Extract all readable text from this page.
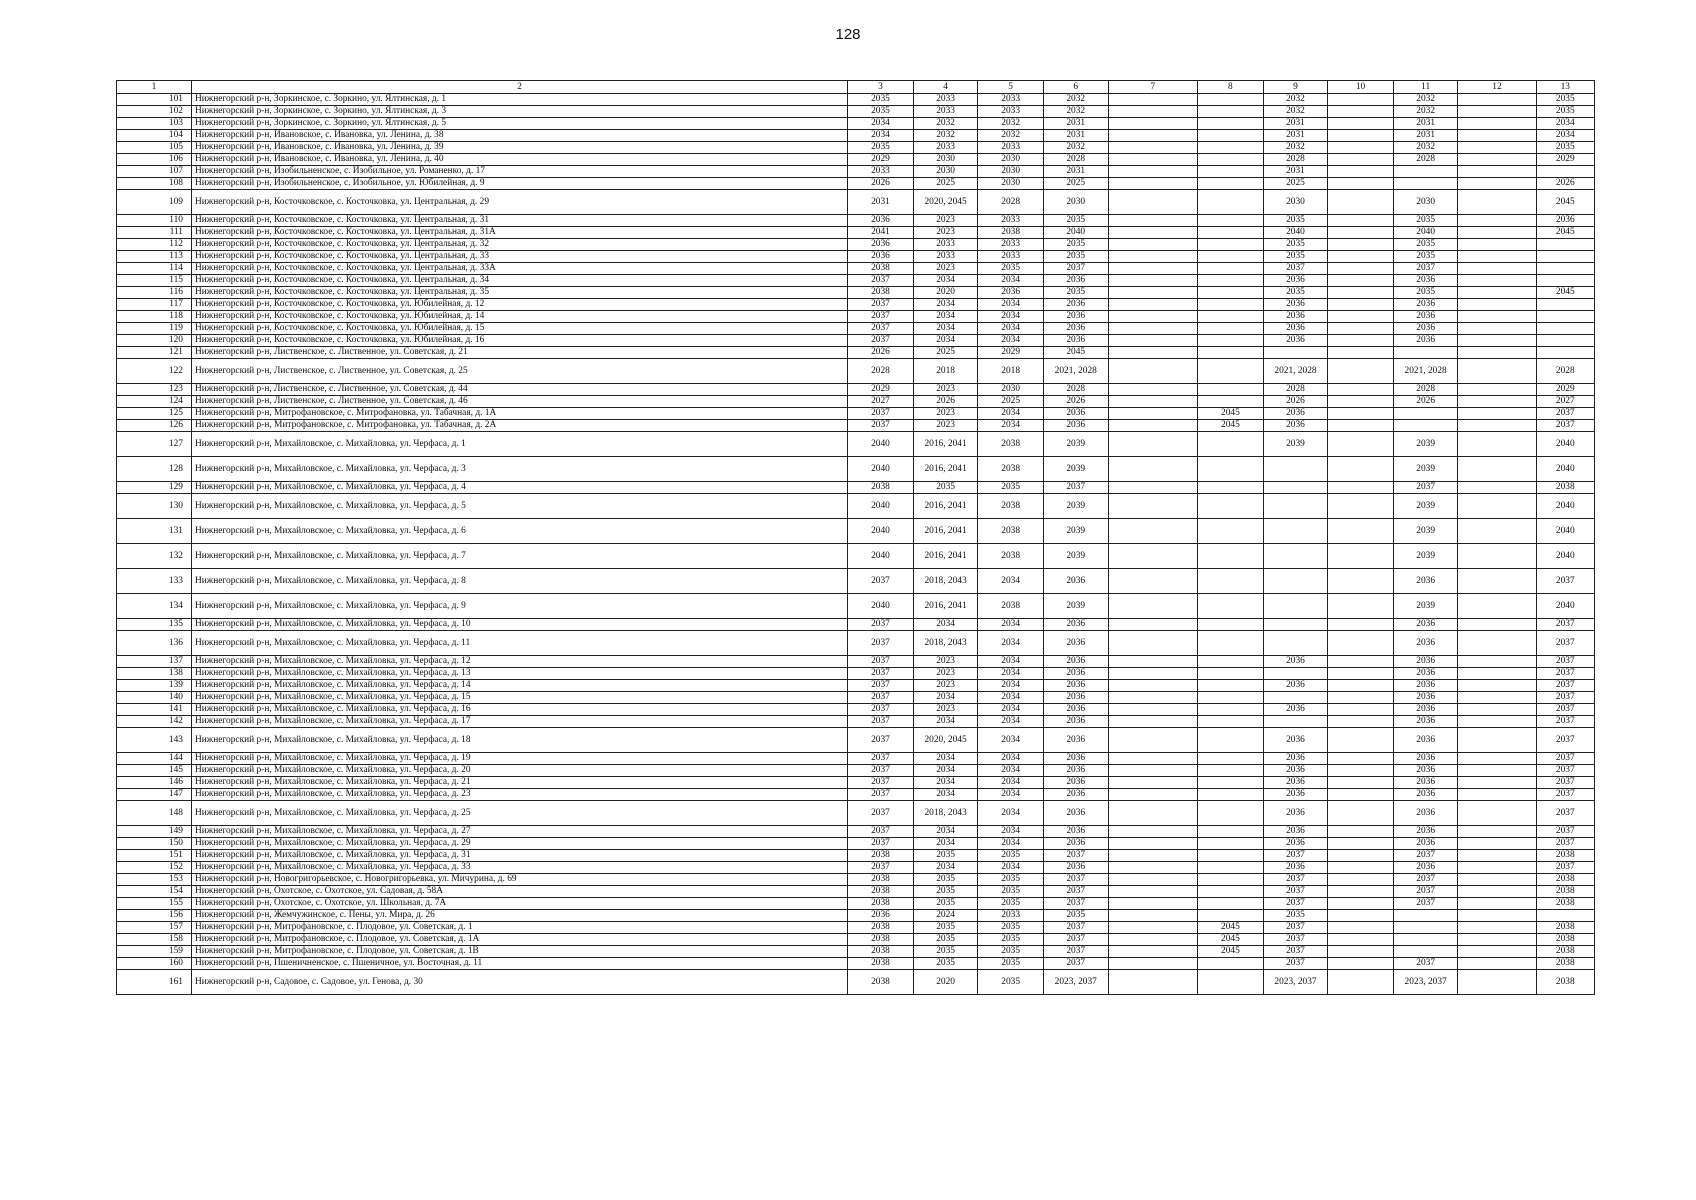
128
1	2	3	4	5	6	7	8	9	10	11	12	13
101	Нижнегорский р-н, Зоркинское, с. Зоркино, ул. Ялтинская, д. 1	2035	2033	2033	2032			2032		2032		2035
102	Нижнегорский р-н, Зоркинское, с. Зоркино, ул. Ялтинская, д. 3	2035	2033	2033	2032			2032		2032		2035
103	Нижнегорский р-н, Зоркинское, с. Зоркино, ул. Ялтинская, д. 5	2034	2032	2032	2031			2031		2031		2034
104	Нижнегорский р-н, Ивановское, с. Ивановка, ул. Ленина, д. 38	2034	2032	2032	2031			2031		2031		2034
105	Нижнегорский р-н, Ивановское, с. Ивановка, ул. Ленина, д. 39	2035	2033	2033	2032			2032		2032		2035
106	Нижнегорский р-н, Ивановское, с. Ивановка, ул. Ленина, д. 40	2029	2030	2030	2028			2028		2028		2029
107	Нижнегорский р-н, Изобильненское, с. Изобильное, ул. Романенко, д. 17	2033	2030	2030	2031			2031				
108	Нижнегорский р-н, Изобильненское, с. Изобильное, ул. Юбилейная, д. 9	2026	2025	2030	2025			2025				2026
109	Нижнегорский р-н, Косточковское, с. Косточковка, ул. Центральная, д. 29	2031	2020, 2045	2028	2030			2030		2030		2045
110	Нижнегорский р-н, Косточковское, с. Косточковка, ул. Центральная, д. 31	2036	2023	2033	2035			2035		2035		2036
111	Нижнегорский р-н, Косточковское, с. Косточковка, ул. Центральная, д. 31А	2041	2023	2038	2040			2040		2040		2045
112	Нижнегорский р-н, Косточковское, с. Косточковка, ул. Центральная, д. 32	2036	2033	2033	2035			2035		2035		
113	Нижнегорский р-н, Косточковское, с. Косточковка, ул. Центральная, д. 33	2036	2033	2033	2035			2035		2035		
114	Нижнегорский р-н, Косточковское, с. Косточковка, ул. Центральная, д. 33А	2038	2023	2035	2037			2037		2037		
115	Нижнегорский р-н, Косточковское, с. Косточковка, ул. Центральная, д. 34	2037	2034	2034	2036			2036		2036		
116	Нижнегорский р-н, Косточковское, с. Косточковка, ул. Центральная, д. 35	2038	2020	2036	2035			2035		2035		2045
117	Нижнегорский р-н, Косточковское, с. Косточковка, ул. Юбилейная, д. 12	2037	2034	2034	2036			2036		2036		
118	Нижнегорский р-н, Косточковское, с. Косточковка, ул. Юбилейная, д. 14	2037	2034	2034	2036			2036		2036		
119	Нижнегорский р-н, Косточковское, с. Косточковка, ул. Юбилейная, д. 15	2037	2034	2034	2036			2036		2036		
120	Нижнегорский р-н, Косточковское, с. Косточковка, ул. Юбилейная, д. 16	2037	2034	2034	2036			2036		2036		
121	Нижнегорский р-н, Лиственское, с. Лиственное, ул. Советская, д. 21	2026	2025	2029	2045							
122	Нижнегорский р-н, Лиственское, с. Лиственное, ул. Советская, д. 25	2028	2018	2018	2021, 2028			2021, 2028		2021, 2028		2028
123	Нижнегорский р-н, Лиственское, с. Лиственное, ул. Советская, д. 44	2029	2023	2030	2028			2028		2028		2029
124	Нижнегорский р-н, Лиственское, с. Лиственное, ул. Советская, д. 46	2027	2026	2025	2026			2026		2026		2027
125	Нижнегорский р-н, Митрофановское, с. Митрофановка, ул. Табачная, д. 1А	2037	2023	2034	2036		2045	2036				2037
126	Нижнегорский р-н, Митрофановское, с. Митрофановка, ул. Табачная, д. 2А	2037	2023	2034	2036		2045	2036				2037
127	Нижнегорский р-н, Михайловское, с. Михайловка, ул. Черфаса, д. 1	2040	2016, 2041	2038	2039			2039		2039		2040
128	Нижнегорский р-н, Михайловское, с. Михайловка, ул. Черфаса, д. 3	2040	2016, 2041	2038	2039					2039		2040
129	Нижнегорский р-н, Михайловское, с. Михайловка, ул. Черфаса, д. 4	2038	2035	2035	2037					2037		2038
130	Нижнегорский р-н, Михайловское, с. Михайловка, ул. Черфаса, д. 5	2040	2016, 2041	2038	2039					2039		2040
131	Нижнегорский р-н, Михайловское, с. Михайловка, ул. Черфаса, д. 6	2040	2016, 2041	2038	2039					2039		2040
132	Нижнегорский р-н, Михайловское, с. Михайловка, ул. Черфаса, д. 7	2040	2016, 2041	2038	2039					2039		2040
133	Нижнегорский р-н, Михайловское, с. Михайловка, ул. Черфаса, д. 8	2037	2018, 2043	2034	2036					2036		2037
134	Нижнегорский р-н, Михайловское, с. Михайловка, ул. Черфаса, д. 9	2040	2016, 2041	2038	2039					2039		2040
135	Нижнегорский р-н, Михайловское, с. Михайловка, ул. Черфаса, д. 10	2037	2034	2034	2036					2036		2037
136	Нижнегорский р-н, Михайловское, с. Михайловка, ул. Черфаса, д. 11	2037	2018, 2043	2034	2036					2036		2037
137	Нижнегорский р-н, Михайловское, с. Михайловка, ул. Черфаса, д. 12	2037	2023	2034	2036			2036		2036		2037
138	Нижнегорский р-н, Михайловское, с. Михайловка, ул. Черфаса, д. 13	2037	2023	2034	2036					2036		2037
139	Нижнегорский р-н, Михайловское, с. Михайловка, ул. Черфаса, д. 14	2037	2023	2034	2036			2036		2036		2037
140	Нижнегорский р-н, Михайловское, с. Михайловка, ул. Черфаса, д. 15	2037	2034	2034	2036					2036		2037
141	Нижнегорский р-н, Михайловское, с. Михайловка, ул. Черфаса, д. 16	2037	2023	2034	2036			2036		2036		2037
142	Нижнегорский р-н, Михайловское, с. Михайловка, ул. Черфаса, д. 17	2037	2034	2034	2036					2036		2037
143	Нижнегорский р-н, Михайловское, с. Михайловка, ул. Черфаса, д. 18	2037	2020, 2045	2034	2036			2036		2036		2037
144	Нижнегорский р-н, Михайловское, с. Михайловка, ул. Черфаса, д. 19	2037	2034	2034	2036			2036		2036		2037
145	Нижнегорский р-н, Михайловское, с. Михайловка, ул. Черфаса, д. 20	2037	2034	2034	2036			2036		2036		2037
146	Нижнегорский р-н, Михайловское, с. Михайловка, ул. Черфаса, д. 21	2037	2034	2034	2036			2036		2036		2037
147	Нижнегорский р-н, Михайловское, с. Михайловка, ул. Черфаса, д. 23	2037	2034	2034	2036			2036		2036		2037
148	Нижнегорский р-н, Михайловское, с. Михайловка, ул. Черфаса, д. 25	2037	2018, 2043	2034	2036			2036		2036		2037
149	Нижнегорский р-н, Михайловское, с. Михайловка, ул. Черфаса, д. 27	2037	2034	2034	2036			2036		2036		2037
150	Нижнегорский р-н, Михайловское, с. Михайловка, ул. Черфаса, д. 29	2037	2034	2034	2036			2036		2036		2037
151	Нижнегорский р-н, Михайловское, с. Михайловка, ул. Черфаса, д. 31	2038	2035	2035	2037			2037		2037		2038
152	Нижнегорский р-н, Михайловское, с. Михайловка, ул. Черфаса, д. 33	2037	2034	2034	2036			2036		2036		2037
153	Нижнегорский р-н, Новогригорьевское, с. Новогригорьевка, ул. Мичурина, д. 69	2038	2035	2035	2037			2037		2037		2038
154	Нижнегорский р-н, Охотское, с. Охотское, ул. Садовая, д. 58А	2038	2035	2035	2037			2037		2037		2038
155	Нижнегорский р-н, Охотское, с. Охотское, ул. Школьная, д. 7А	2038	2035	2035	2037			2037		2037		2038
156	Нижнегорский р-н, Жемчужинское, с. Пены, ул. Мира, д. 26	2036	2024	2033	2035			2035				
157	Нижнегорский р-н, Митрофановское, с. Плодовое, ул. Советская, д. 1	2038	2035	2035	2037		2045	2037				2038
158	Нижнегорский р-н, Митрофановское, с. Плодовое, ул. Советская, д. 1А	2038	2035	2035	2037		2045	2037				2038
159	Нижнегорский р-н, Митрофановское, с. Плодовое, ул. Советская, д. 1В	2038	2035	2035	2037		2045	2037				2038
160	Нижнегорский р-н, Пшеничненское, с. Пшеничное, ул. Восточная, д. 11	2038	2035	2035	2037			2037		2037		2038
161	Нижнегорский р-н, Садовое, с. Садовое, ул. Генова, д. 30	2038	2020	2035	2023, 2037			2023, 2037		2023, 2037		2038
